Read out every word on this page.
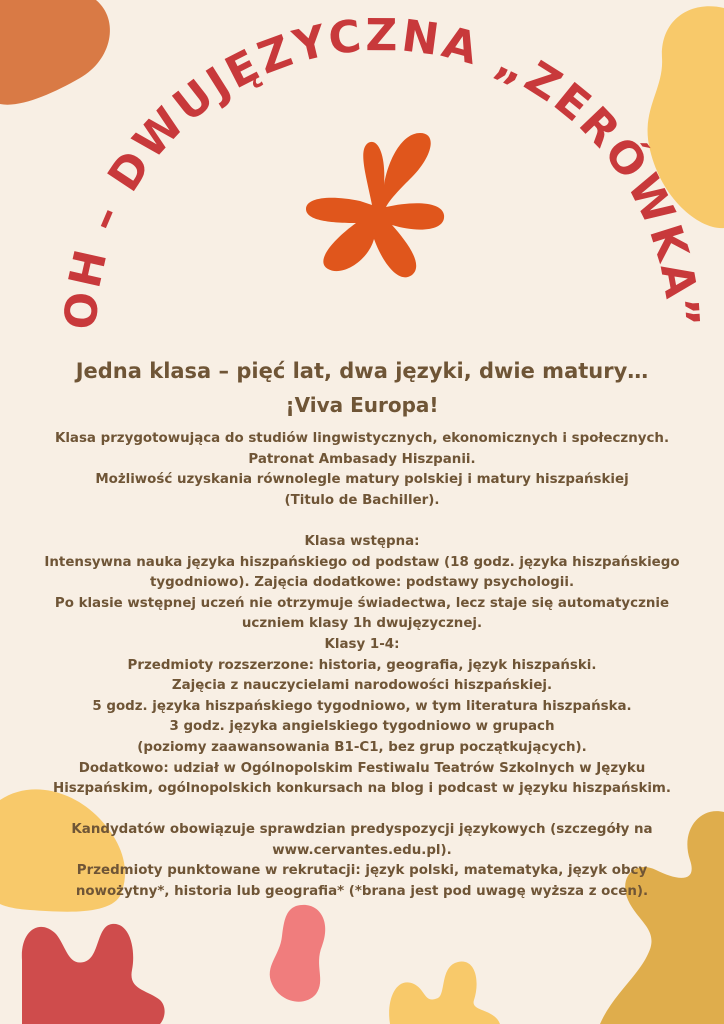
OH – DWUJĘZYCZNA „ZERÓWKA”
Jedna klasa – pięć lat, dwa języki, dwie matury…
¡Viva Europa!

Klasa przygotowująca do studiów lingwistycznych, ekonomicznych i społecznych.

Patronat Ambasady Hiszpanii.

Możliwość uzyskania równolegle matury polskiej i matury hiszpańskiej

(Titulo de Bachiller).

Klasa wstępna:

Intensywna nauka języka hiszpańskiego od podstaw (18 godz. języka hiszpańskiego

tygodniowo). Zajęcia dodatkowe: podstawy psychologii.

Po klasie wstępnej uczeń nie otrzymuje świadectwa, lecz staje się automatycznie

uczniem klasy 1h dwujęzycznej.

Klasy 1-4:

Przedmioty rozszerzone: historia, geografia, język hiszpański.

Zajęcia z nauczycielami narodowości hiszpańskiej.

5 godz. języka hiszpańskiego tygodniowo, w tym literatura hiszpańska.

3 godz. języka angielskiego tygodniowo w grupach

(poziomy zaawansowania B1-C1, bez grup początkujących).

Dodatkowo: udział w Ogólnopolskim Festiwalu Teatrów Szkolnych w Języku

Hiszpańskim, ogólnopolskich konkursach na blog i podcast w języku hiszpańskim.

Kandydatów obowiązuje sprawdzian predyspozycji językowych (szczegóły na

www.cervantes.edu.pl).

Przedmioty punktowane w rekrutacji: język polski, matematyka, język obcy

nowożytny*, historia lub geografia* (*brana jest pod uwagę wyższa z ocen).
